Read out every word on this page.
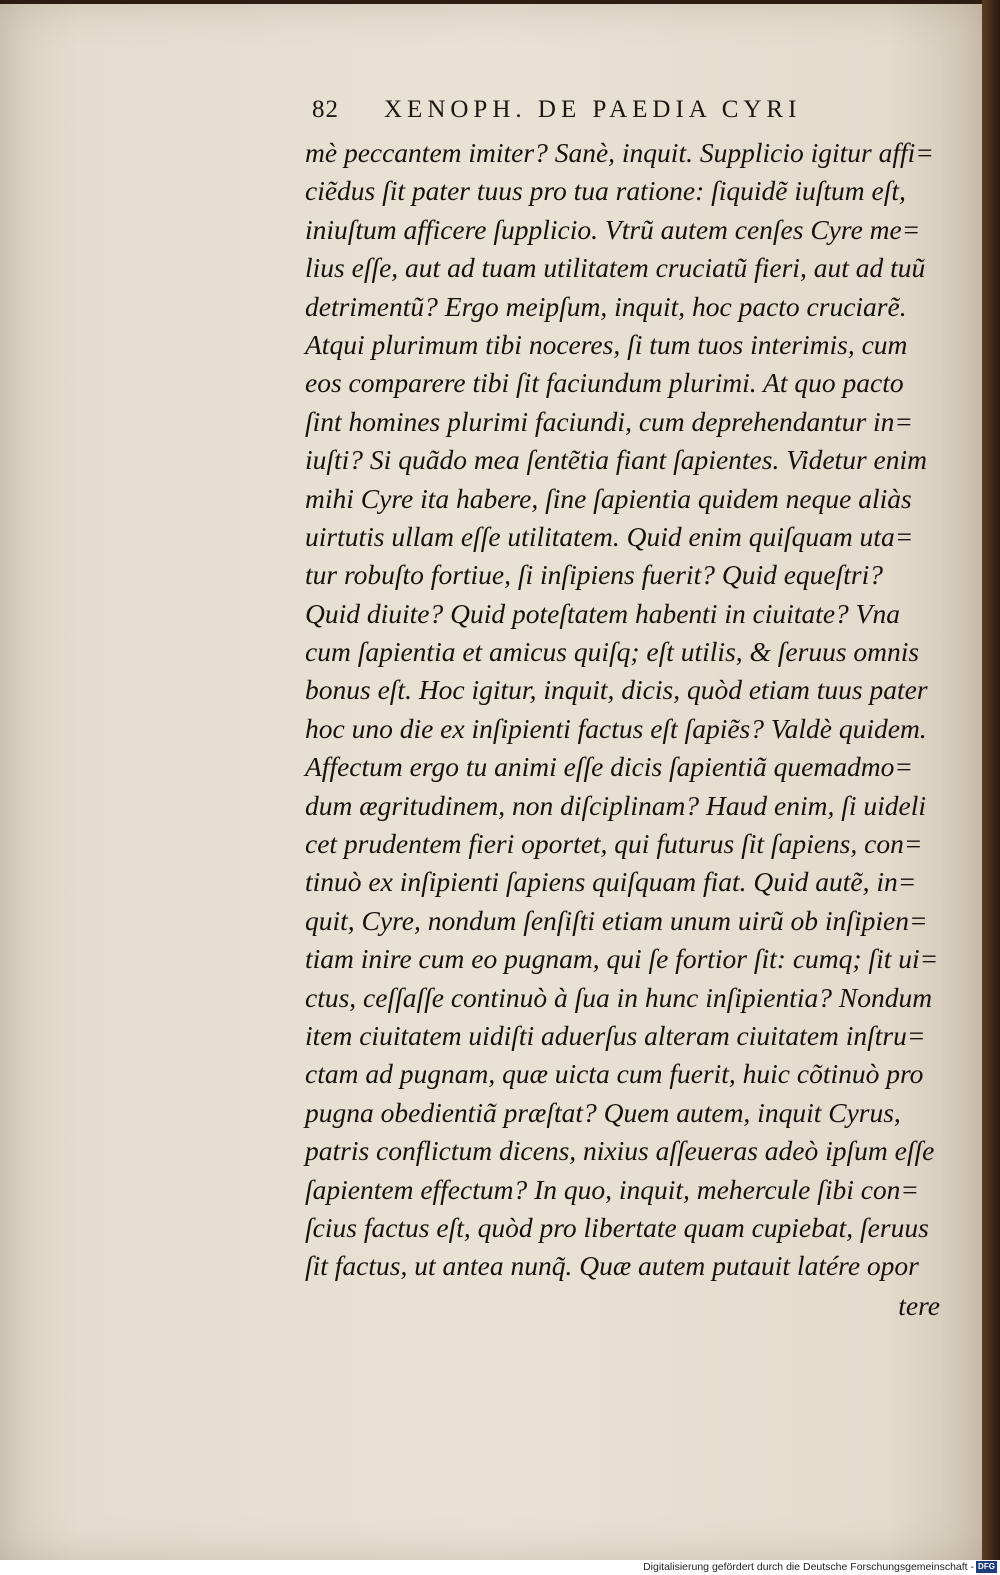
82 XENOPH. DE PAEDIA CYRI
mè peccantem imiter? Sanè, inquit. Supplicio igitur affi=
ciẽdus ſit pater tuus pro tua ratione: ſiquidẽ iuſtum eſt,
iniuſtum afficere ſupplicio. Vtrũ autem cenſes Cyre me=
lius eſſe, aut ad tuam utilitatem cruciatũ fieri, aut ad tuũ
detrimentũ? Ergo meipſum, inquit, hoc pacto cruciarẽ.
Atqui plurimum tibi noceres, ſi tum tuos interimis, cum
eos comparere tibi ſit faciundum plurimi. At quo pacto
ſint homines plurimi faciundi, cum deprehendantur in=
iuſti? Si quãdo mea ſentẽtia fiant ſapientes. Videtur enim
mihi Cyre ita habere, ſine ſapientia quidem neque aliàs
uirtutis ullam eſſe utilitatem. Quid enim quiſquam uta=
tur robuſto fortiue, ſi inſipiens fuerit? Quid equeſtri?
Quid diuite? Quid poteſtatem habenti in ciuitate? Vna
cum ſapientia et amicus quiſq; eſt utilis, & ſeruus omnis
bonus eſt. Hoc igitur, inquit, dicis, quòd etiam tuus pater
hoc uno die ex inſipienti factus eſt ſapiẽs? Valdè quidem.
Affectum ergo tu animi eſſe dicis ſapientiã quemadmo=
dum ægritudinem, non diſciplinam? Haud enim, ſi uideli
cet prudentem fieri oportet, qui futurus ſit ſapiens, con=
tinuò ex inſipienti ſapiens quiſquam fiat. Quid autẽ, in=
quit, Cyre, nondum ſenſiſti etiam unum uirũ ob inſipien=
tiam inire cum eo pugnam, qui ſe fortior ſit: cumq; ſit ui=
ctus, ceſſaſſe continuò à ſua in hunc inſipientia? Nondum
item ciuitatem uidiſti aduerſus alteram ciuitatem inſtru=
ctam ad pugnam, quæ uicta cum fuerit, huic cõtinuò pro
pugna obedientiã præſtat? Quem autem, inquit Cyrus,
patris conflictum dicens, nixius aſſeueras adeò ipſum eſſe
ſapientem effectum? In quo, inquit, mehercule ſibi con=
ſcius factus eſt, quòd pro libertate quam cupiebat, ſeruus
ſit factus, ut antea nunq̃. Quæ autem putauit latére opor
tere
Digitalisierung gefördert durch die Deutsche Forschungsgemeinschaft - DFG
